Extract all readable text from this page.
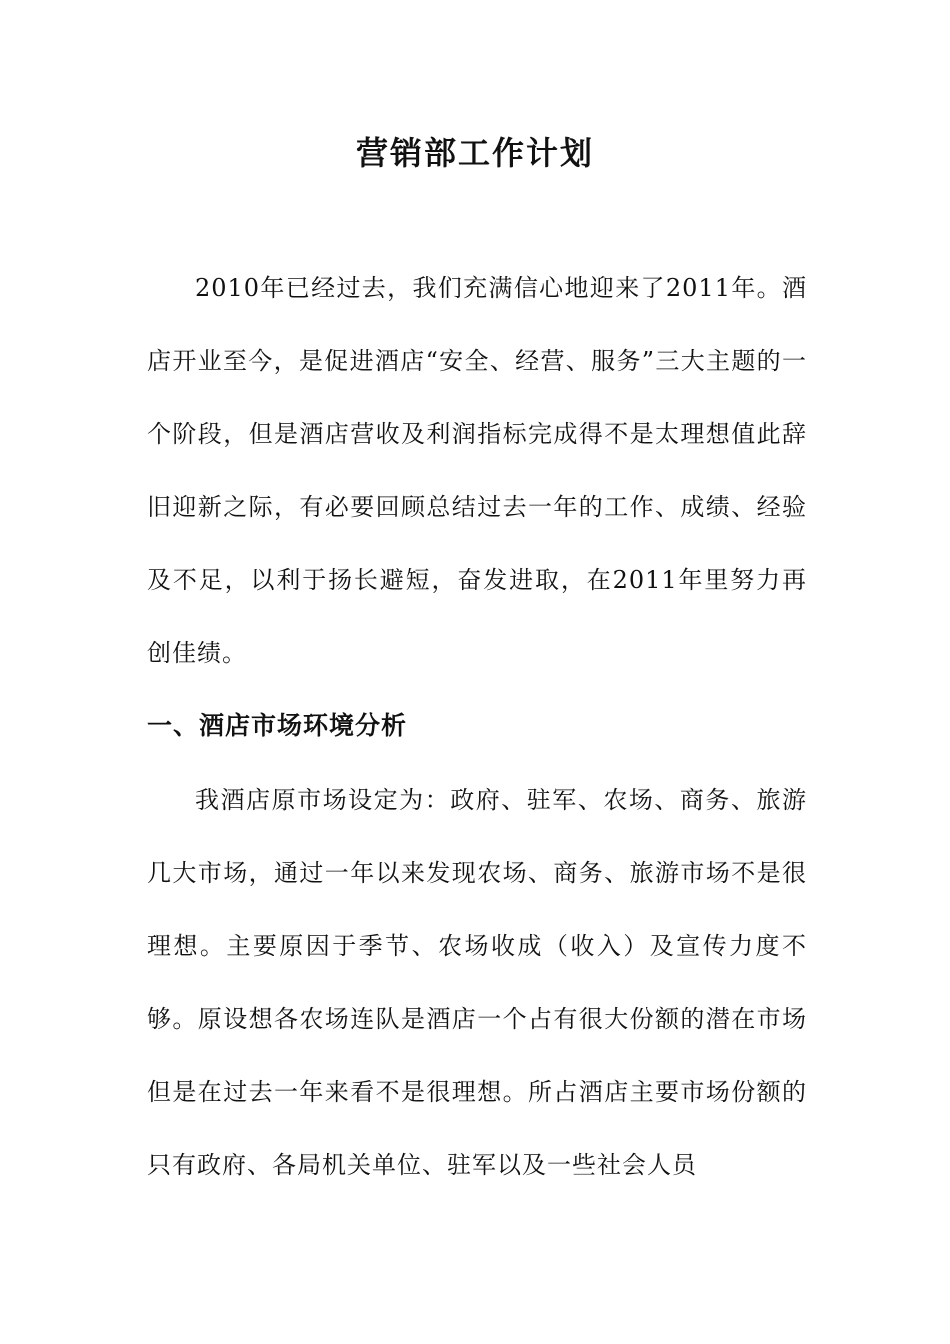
营销部工作计划

2010年已经过去，我们充满信心地迎来了2011年。酒店开业至今，是促进酒店“安全、经营、服务”三大主题的一个阶段，但是酒店营收及利润指标完成得不是太理想值此辞旧迎新之际，有必要回顾总结过去一年的工作、成绩、经验及不足，以利于扬长避短，奋发进取，在2011年里努力再创佳绩。

一、酒店市场环境分析

我酒店原市场设定为：政府、驻军、农场、商务、旅游几大市场，通过一年以来发现农场、商务、旅游市场不是很理想。主要原因于季节、农场收成（收入）及宣传力度不够。原设想各农场连队是酒店一个占有很大份额的潜在市场但是在过去一年来看不是很理想。所占酒店主要市场份额的只有政府、各局机关单位、驻军以及一些社会人员
